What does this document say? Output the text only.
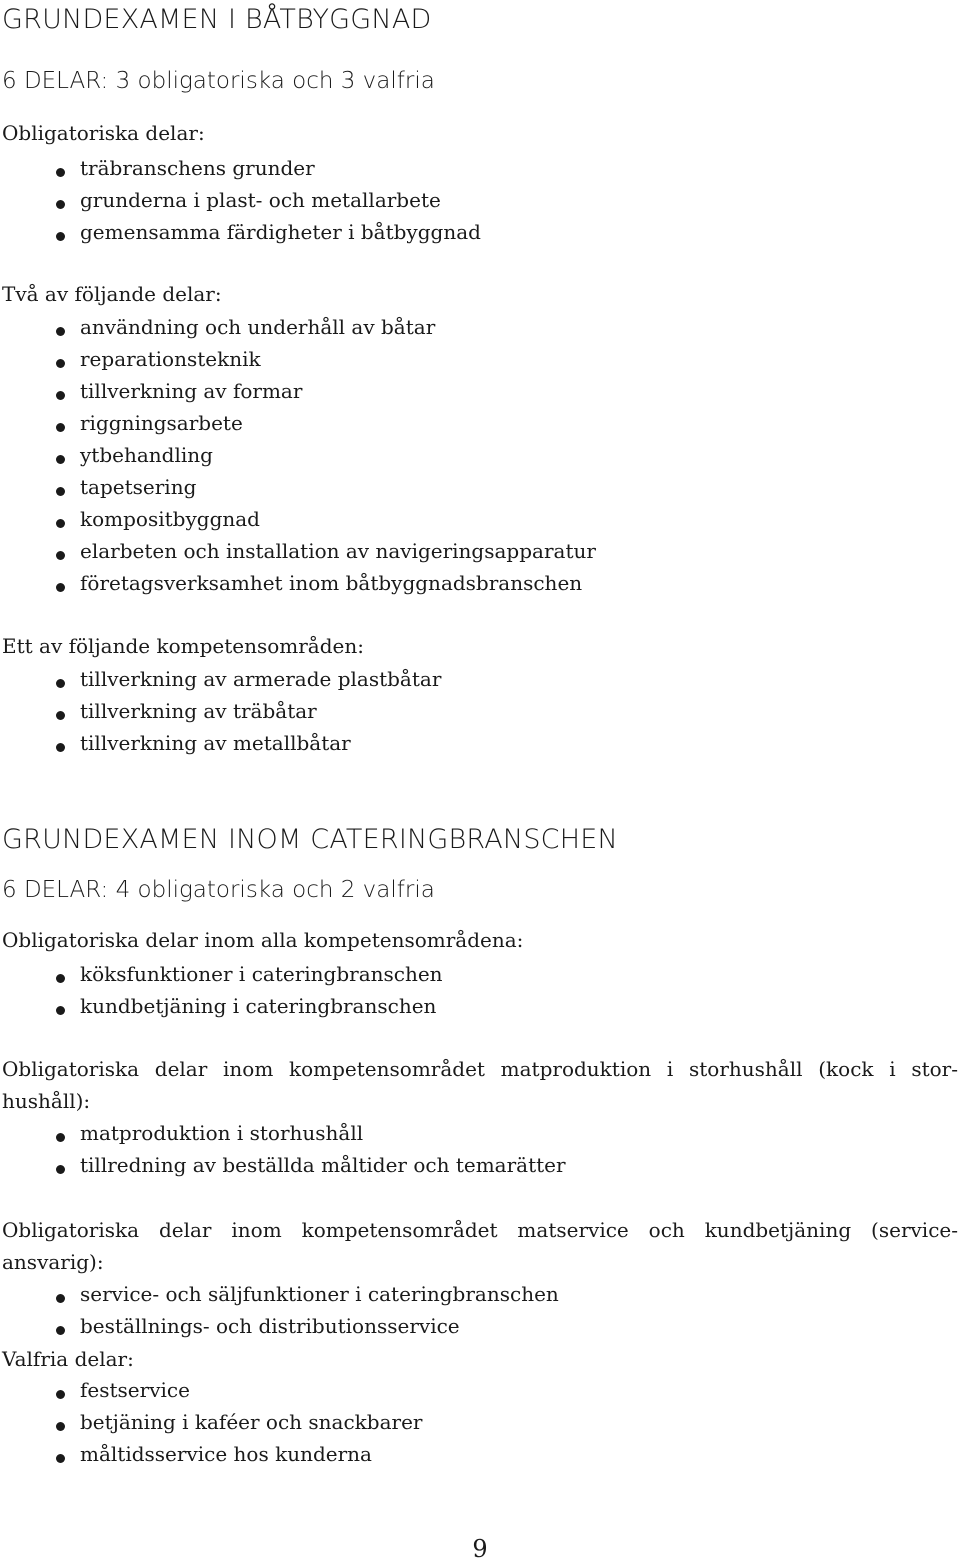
GRUNDEXAMEN I BÅTBYGGNAD
6 DELAR: 3 obligatoriska och 3 valfria
Obligatoriska delar:
träbranschens grunder
grunderna i plast- och metallarbete
gemensamma färdigheter i båtbyggnad
Två av följande delar:
användning och underhåll av båtar
reparationsteknik
tillverkning av formar
riggningsarbete
ytbehandling
tapetsering
kompositbyggnad
elarbeten och installation av navigeringsapparatur
företagsverksamhet inom båtbyggnadsbranschen
Ett av följande kompetensområden:
tillverkning av armerade plastbåtar
tillverkning av träbåtar
tillverkning av metallbåtar
GRUNDEXAMEN INOM CATERINGBRANSCHEN
6 DELAR: 4 obligatoriska och 2 valfria
Obligatoriska delar inom alla kompetensområdena:
köksfunktioner i cateringbranschen
kundbetjäning i cateringbranschen
Obligatoriska delar inom kompetensområdet matproduktion i storhushåll (kock i stor-
hushåll):
matproduktion i storhushåll
tillredning av beställda måltider och temarätter
Obligatoriska delar inom kompetensområdet matservice och kundbetjäning (service-
ansvarig):
service- och säljfunktioner i cateringbranschen
beställnings- och distributionsservice
Valfria delar:
festservice
betjäning i kaféer och snackbarer
måltidsservice hos kunderna
9
